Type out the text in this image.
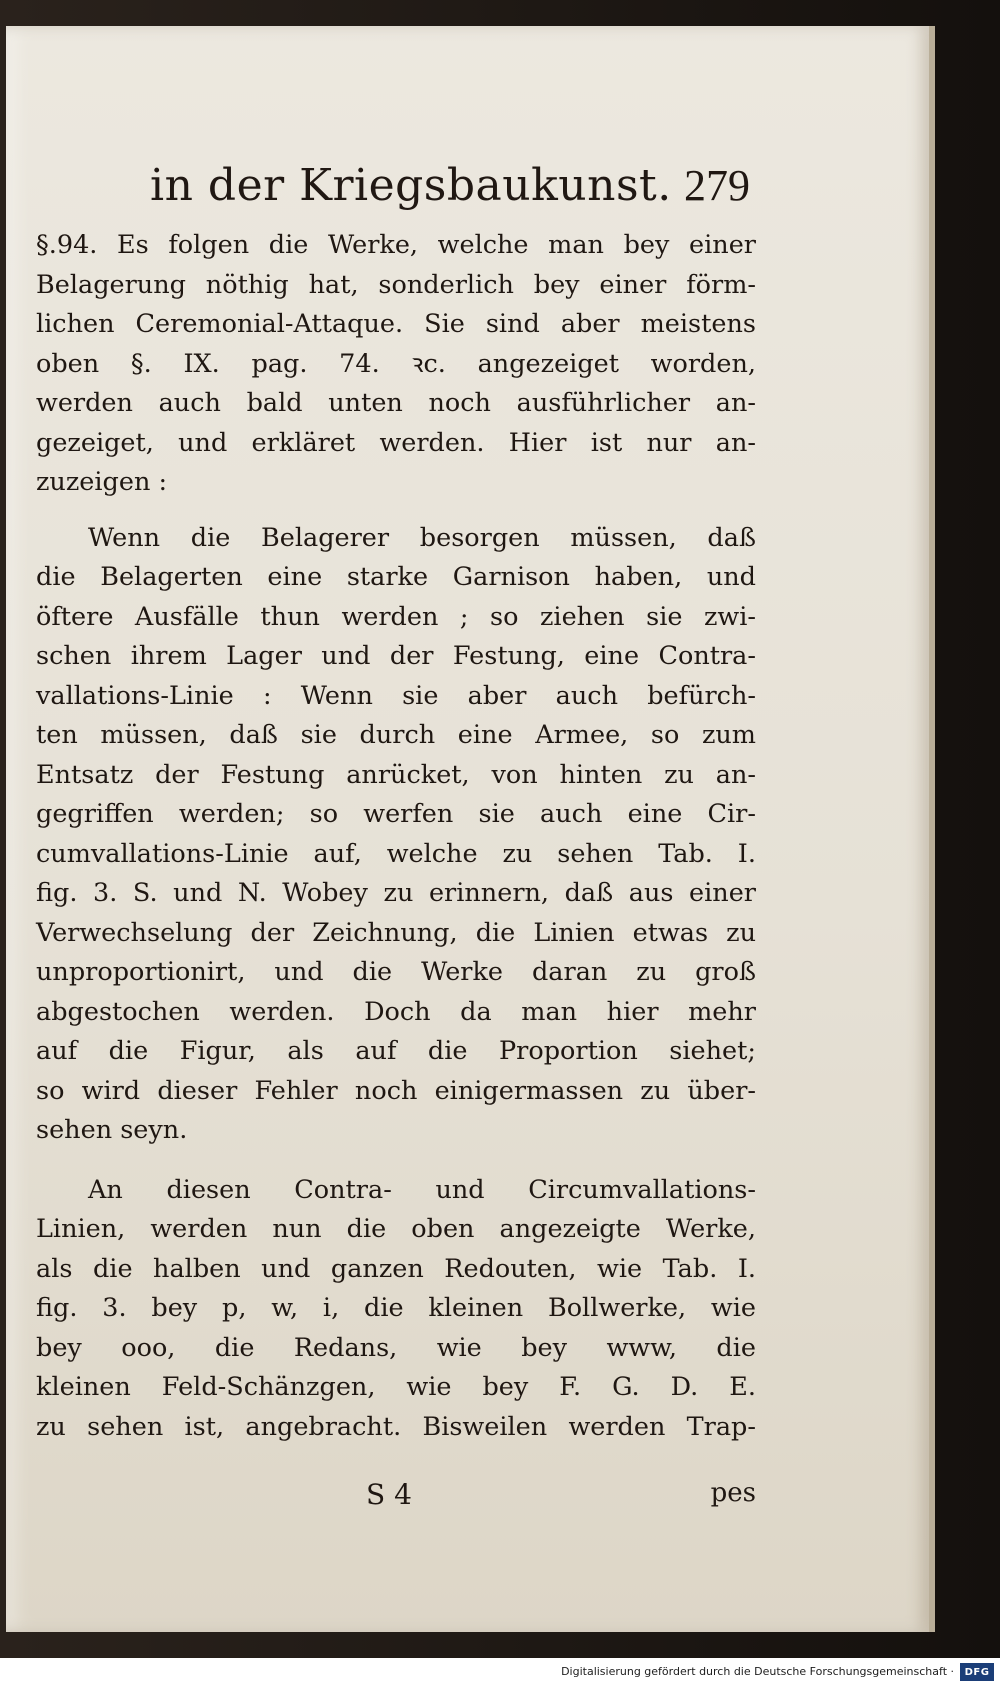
in der Kriegsbaukunst. 279
§.94. Es folgen die Werke, welche man bey einer
Belagerung nöthig hat, sonderlich bey einer förm-
lichen Ceremonial-Attaque. Sie sind aber meistens
oben §. IX. pag. 74. ꝛc. angezeiget worden,
werden auch bald unten noch ausführlicher an-
gezeiget, und erkläret werden. Hier ist nur an-
zuzeigen :
Wenn die Belagerer besorgen müssen, daß
die Belagerten eine starke Garnison haben, und
öftere Ausfälle thun werden ; so ziehen sie zwi-
schen ihrem Lager und der Festung, eine Contra-
vallations-Linie : Wenn sie aber auch befürch-
ten müssen, daß sie durch eine Armee, so zum
Entsatz der Festung anrücket, von hinten zu an-
gegriffen werden; so werfen sie auch eine Cir-
cumvallations-Linie auf, welche zu sehen Tab. I.
fig. 3. S. und N. Wobey zu erinnern, daß aus einer
Verwechselung der Zeichnung, die Linien etwas zu
unproportionirt, und die Werke daran zu groß
abgestochen werden. Doch da man hier mehr
auf die Figur, als auf die Proportion siehet;
so wird dieser Fehler noch einigermassen zu über-
sehen seyn.
An diesen Contra- und Circumvallations-
Linien, werden nun die oben angezeigte Werke,
als die halben und ganzen Redouten, wie Tab. I.
fig. 3. bey p, w, i, die kleinen Bollwerke, wie
bey ooo, die Redans, wie bey www, die
kleinen Feld-Schänzgen, wie bey F. G. D. E.
zu sehen ist, angebracht. Bisweilen werden Trap-
S 4	pes
Digitalisierung gefördert durch die Deutsche Forschungsgemeinschaft ·	DFG
